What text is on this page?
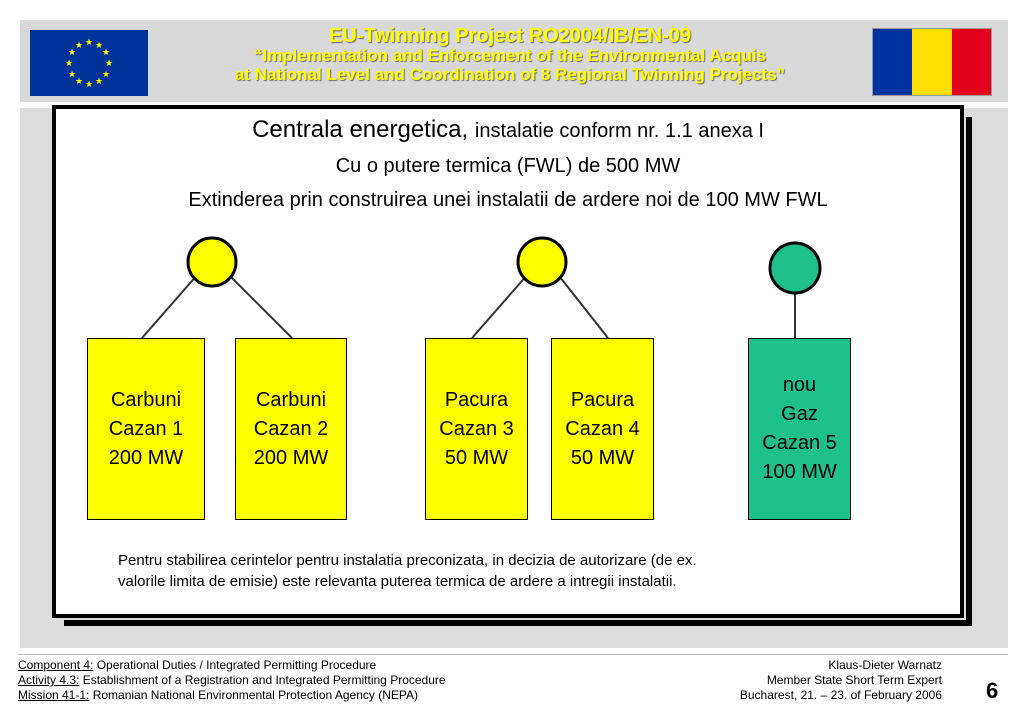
★ ★
★
★
★
★
★
★
★
★
★
★	EU-Twinning Project RO2004/IB/EN-09
“Implementation and Enforcement of the Environmental Acquis
at National Level and Coordination of 8 Regional Twinning Projects”
Centrala energetica, instalatie conform nr. 1.1 anexa I
Cu o putere termica (FWL) de 500 MW
Extinderea prin construirea unei instalatii de ardere noi de 100 MW FWL
Carbuni
Cazan 1
200 MW
Carbuni
Cazan 2
200 MW
Pacura
Cazan 3
50 MW
Pacura
Cazan 4
50 MW
nou
Gaz
Cazan 5
100 MW
Pentru stabilirea cerintelor pentru instalatia preconizata, in decizia de autorizare (de ex.
valorile limita de emisie) este relevanta puterea termica de ardere a intregii instalatii.
Component 4: Operational Duties / Integrated Permitting Procedure
Activity 4.3: Establishment of a Registration and Integrated Permitting Procedure
Mission 41-1: Romanian National Environmental Protection Agency (NEPA)
Klaus-Dieter Warnatz
Member State Short Term Expert
Bucharest, 21. – 23. of February 2006 6
